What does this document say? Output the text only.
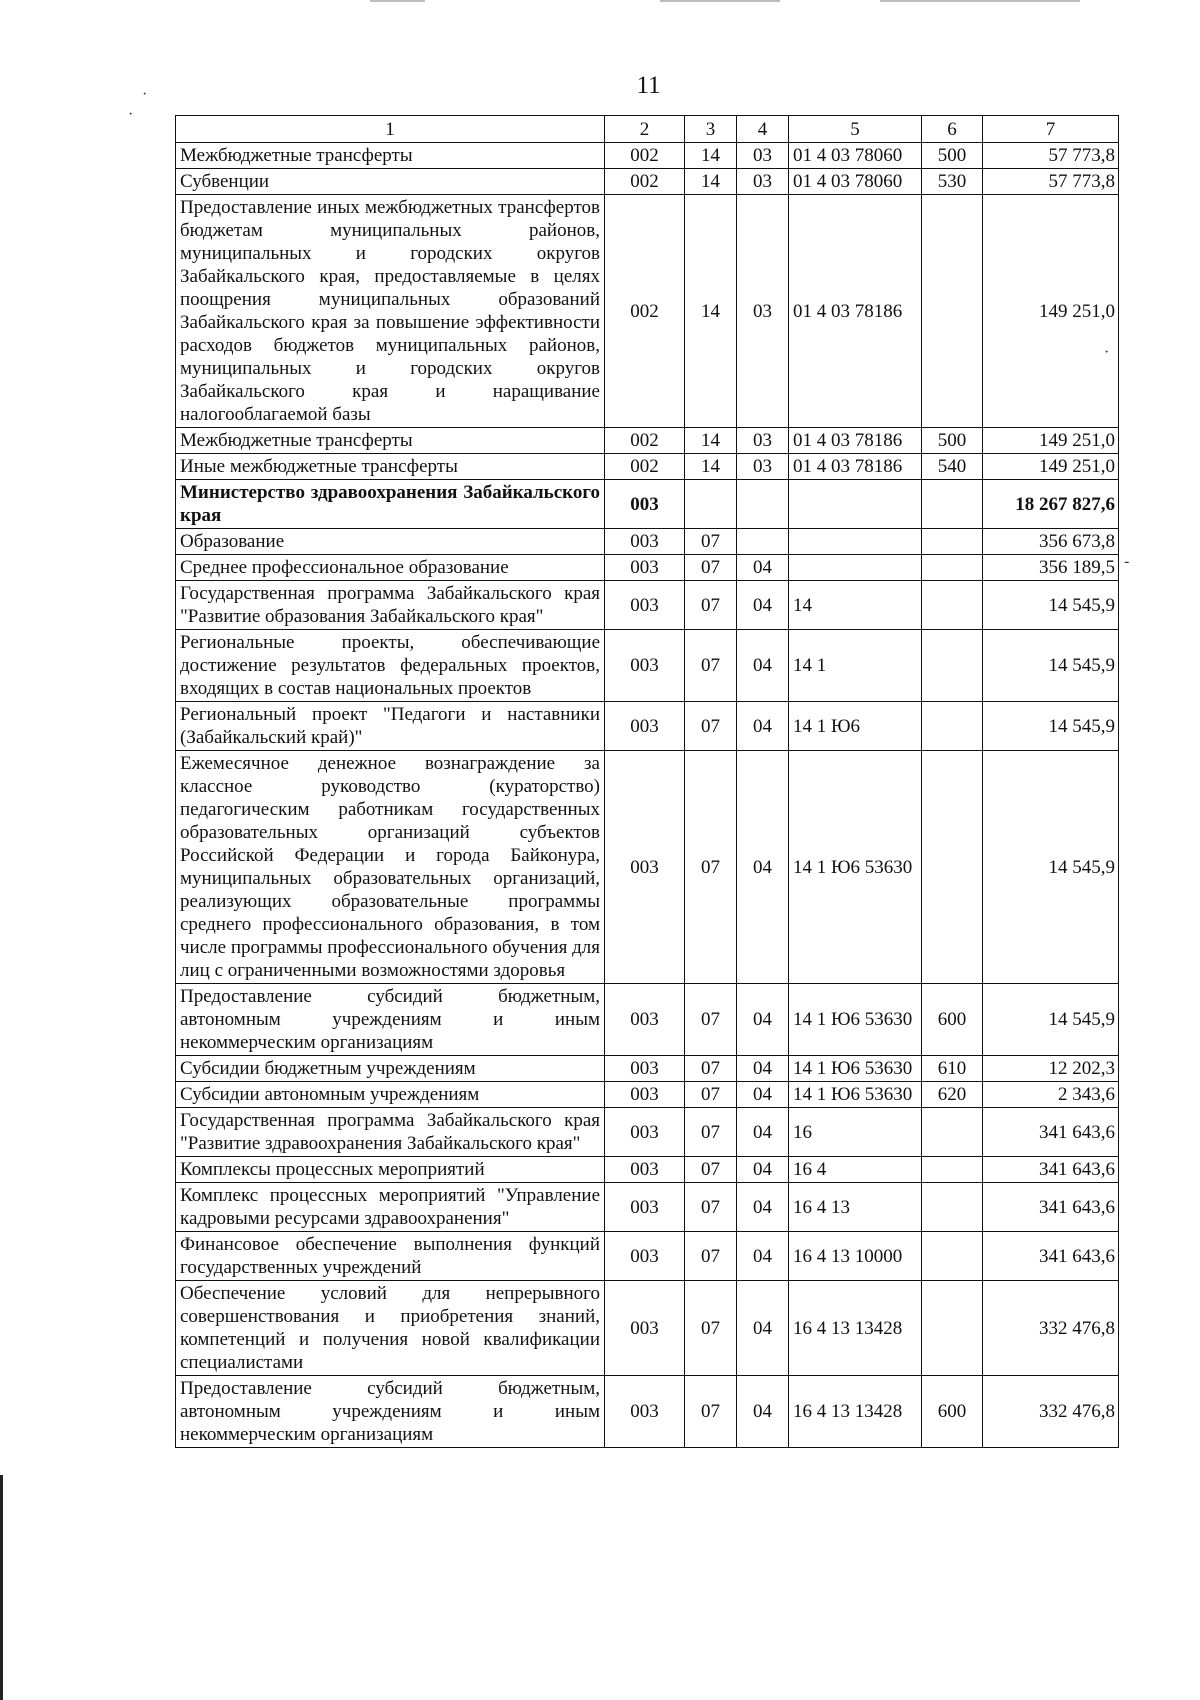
·
·
-
·
11
1	2	3	4	5	6	7
Межбюджетные трансферты	002	14	03	01 4 03 78060	500	57 773,8
Субвенции	002	14	03	01 4 03 78060	530	57 773,8
Предоставление иных межбюджетных трансфертов бюджетам муниципальных районов, муниципальных и городских округов Забайкальского края, предоставляемые в целях поощрения муниципальных образований Забайкальского края за повышение эффективности расходов бюджетов муниципальных районов, муниципальных и городских округов Забайкальского края и наращивание налогооблагаемой базы	002	14	03	01 4 03 78186		149 251,0
Межбюджетные трансферты	002	14	03	01 4 03 78186	500	149 251,0
Иные межбюджетные трансферты	002	14	03	01 4 03 78186	540	149 251,0
Министерство здравоохранения Забайкальского края	003					18 267 827,6
Образование	003	07				356 673,8
Среднее профессиональное образование	003	07	04			356 189,5
Государственная программа Забайкальского края "Развитие образования Забайкальского края"	003	07	04	14		14 545,9
Региональные проекты, обеспечивающие достижение результатов федеральных проектов, входящих в состав национальных проектов	003	07	04	14 1		14 545,9
Региональный проект "Педагоги и наставники (Забайкальский край)"	003	07	04	14 1 Ю6		14 545,9
Ежемесячное денежное вознаграждение за классное руководство (кураторство) педагогическим работникам государственных образовательных организаций субъектов Российской Федерации и города Байконура, муниципальных образовательных организаций, реализующих образовательные программы среднего профессионального образования, в том числе программы профессионального обучения для лиц с ограниченными возможностями здоровья	003	07	04	14 1 Ю6 53630		14 545,9
Предоставление субсидий бюджетным, автономным учреждениям и иным некоммерческим организациям	003	07	04	14 1 Ю6 53630	600	14 545,9
Субсидии бюджетным учреждениям	003	07	04	14 1 Ю6 53630	610	12 202,3
Субсидии автономным учреждениям	003	07	04	14 1 Ю6 53630	620	2 343,6
Государственная программа Забайкальского края "Развитие здравоохранения Забайкальского края"	003	07	04	16		341 643,6
Комплексы процессных мероприятий	003	07	04	16 4		341 643,6
Комплекс процессных мероприятий "Управление кадровыми ресурсами здравоохранения"	003	07	04	16 4 13		341 643,6
Финансовое обеспечение выполнения функций государственных учреждений	003	07	04	16 4 13 10000		341 643,6
Обеспечение условий для непрерывного совершенствования и приобретения знаний, компетенций и получения новой квалификации специалистами	003	07	04	16 4 13 13428		332 476,8
Предоставление субсидий бюджетным, автономным учреждениям и иным некоммерческим организациям	003	07	04	16 4 13 13428	600	332 476,8
